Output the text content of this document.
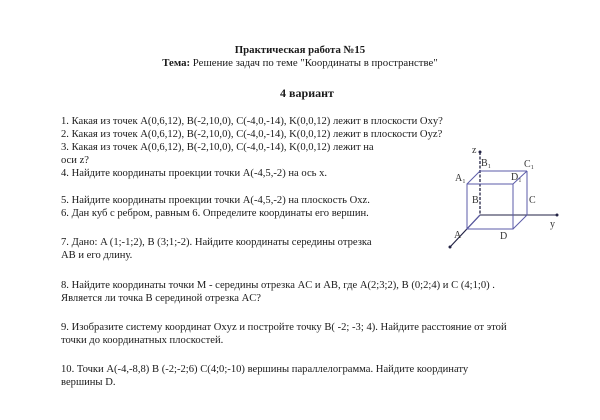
Практическая работа №15
Тема: Решение задач по теме "Координаты в пространстве"
4 вариант
1. Какая из точек A(0,6,12), B(-2,10,0), C(-4,0,-14), K(0,0,12) лежит в плоскости Oxy?
2. Какая из точек A(0,6,12), B(-2,10,0), C(-4,0,-14), K(0,0,12) лежит в плоскости Oyz?
3. Какая из точек A(0,6,12), B(-2,10,0), C(-4,0,-14), K(0,0,12) лежит на
оси z?
4. Найдите координаты проекции точки A(-4,5,-2) на ось x.
5. Найдите координаты проекции точки A(-4,5,-2) на плоскость Oxz.
6. Дан куб с ребром, равным 6. Определите координаты его вершин.
7. Дано: A (1;-1;2), B (3;1;-2). Найдите координаты середины отрезка
AB и его длину.
8. Найдите координаты точки M - середины отрезка AC и AB, где A(2;3;2), B (0;2;4) и C (4;1;0) .
Является ли точка B серединой отрезка AC?
9. Изобразите систему координат Oxyz и постройте точку B( -2; -3; 4). Найдите расстояние от этой
точки до координатных плоскостей.
10. Точки A(-4,-8,8) B (-2;-2;6) C(4;0;-10) вершины параллелограмма. Найдите координату
вершины D.
z
B₁	C₁
A₁	D₁
B	C
y
D
A
